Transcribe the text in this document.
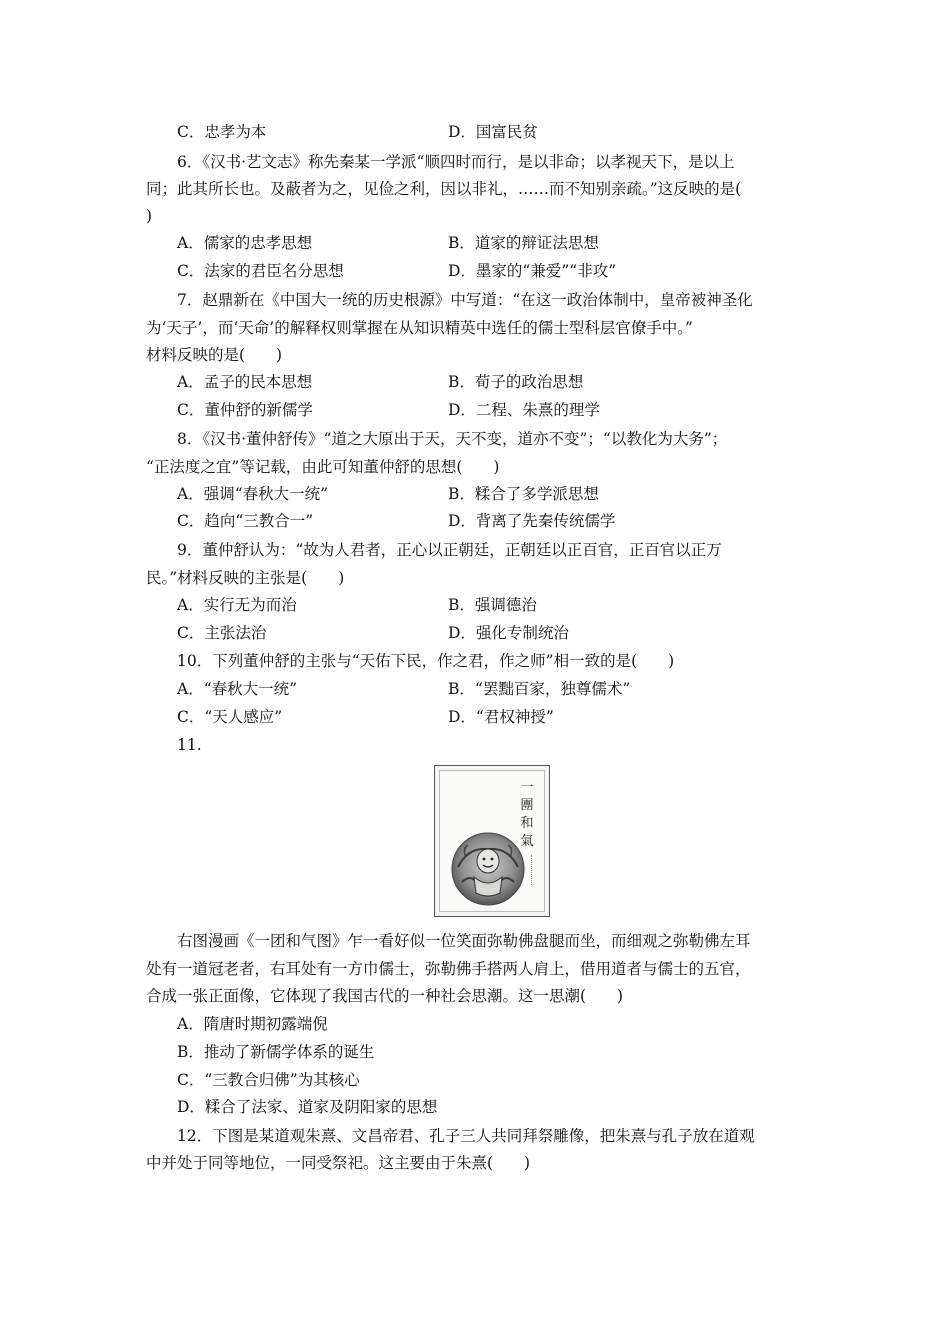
C．忠孝为本	D．国富民贫
6．《汉书·艺文志》称先秦某一学派“顺四时而行，是以非命；以孝视天下，是以上
同；此其所长也。及蔽者为之，见俭之利，因以非礼，……而不知别亲疏。”这反映的是(
)
A．儒家的忠孝思想	B．道家的辩证法思想
C．法家的君臣名分思想	D．墨家的“兼爱”“非攻”
7．赵鼎新在《中国大一统的历史根源》中写道：“在这一政治体制中，皇帝被神圣化
为‘天子’，而‘天命’的解释权则掌握在从知识精英中选任的儒士型科层官僚手中。”
材料反映的是(　　)
A．孟子的民本思想	B．荀子的政治思想
C．董仲舒的新儒学	D．二程、朱熹的理学
8．《汉书·董仲舒传》“道之大原出于天，天不变，道亦不变”；“以教化为大务”；
“正法度之宜”等记载，由此可知董仲舒的思想(　　)
A．强调“春秋大一统”	B．糅合了多学派思想
C．趋向“三教合一”	D．背离了先秦传统儒学
9．董仲舒认为：“故为人君者，正心以正朝廷，正朝廷以正百官，正百官以正万
民。”材料反映的主张是(　　)
A．实行无为而治	B．强调德治
C．主张法治	D．强化专制统治
10．下列董仲舒的主张与“天佑下民，作之君，作之师”相一致的是(　　)
A．“春秋大一统”	B．“罢黜百家，独尊儒术”
C．“天人感应”	D．“君权神授”
11.
一團和氣
右图漫画《一团和气图》乍一看好似一位笑面弥勒佛盘腿而坐，而细观之弥勒佛左耳
处有一道冠老者，右耳处有一方巾儒士，弥勒佛手搭两人肩上，借用道者与儒士的五官，
合成一张正面像，它体现了我国古代的一种社会思潮。这一思潮(　　)
A．隋唐时期初露端倪
B．推动了新儒学体系的诞生
C．“三教合归佛”为其核心
D．糅合了法家、道家及阴阳家的思想
12．下图是某道观朱熹、文昌帝君、孔子三人共同拜祭雕像，把朱熹与孔子放在道观
中并处于同等地位，一同受祭祀。这主要由于朱熹(　　)
